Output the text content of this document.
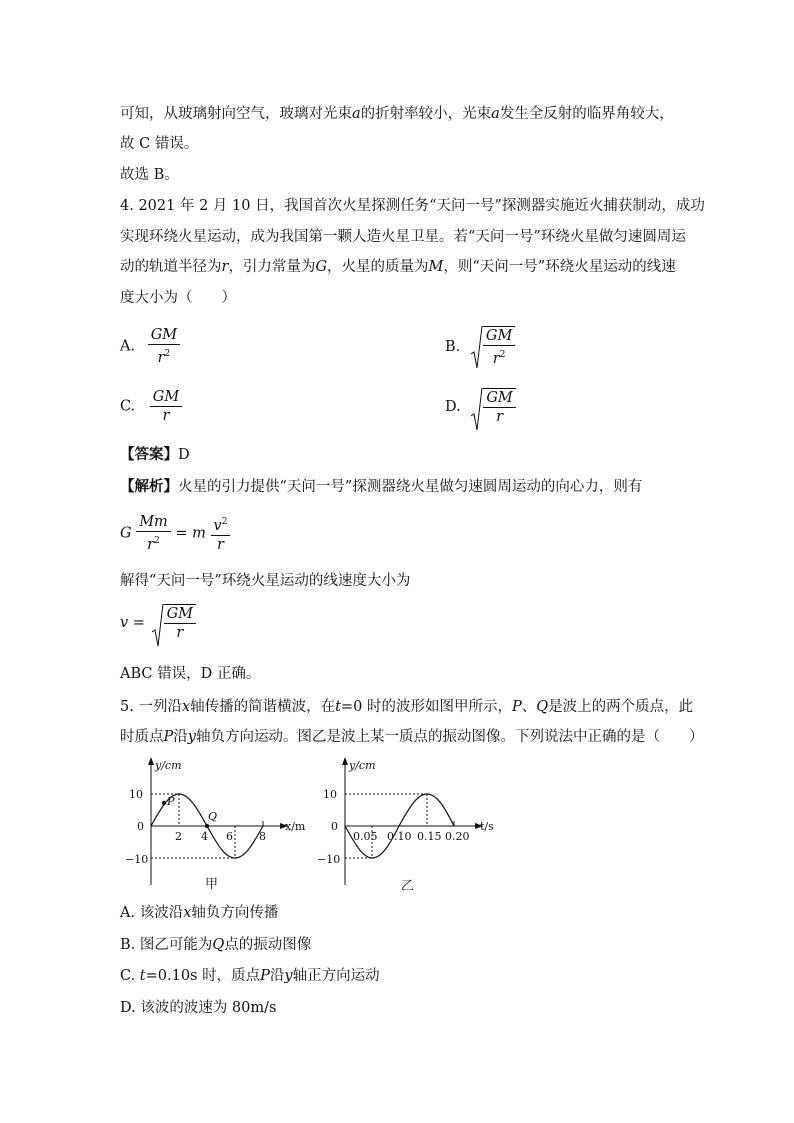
可知，从玻璃射向空气，玻璃对光束a的折射率较小，光束a发生全反射的临界角较大，
故 C 错误。
故选 B。
4. 2021 年 2 月 10 日，我国首次火星探测任务“天问一号”探测器实施近火捕获制动，成功
实现环绕火星运动，成为我国第一颗人造火星卫星。若“天问一号”环绕火星做匀速圆周运
动的轨道半径为r，引力常量为G，火星的质量为M，则“天问一号”环绕火星运动的线速
度大小为（　　）
A. $\frac{GM}{r^2}$	B. $\frac{GM}{r^2}$
C. $\frac{GM}{r}$	D. $\frac{GM}{r}$
【答案】D
【解析】火星的引力提供“天问一号”探测器绕火星做匀速圆周运动的向心力，则有
G $\frac{Mm}{r^2} = m \frac{v^2}{r}$
解得“天问一号”环绕火星运动的线速度大小为
$v = \frac{GM}{r}$
ABC 错误，D 正确。
5. 一列沿x轴传播的简谐横波，在t=0 时的波形如图甲所示，P、Q是波上的两个质点，此
时质点P沿y轴负方向运动。图乙是波上某一质点的振动图像。下列说法中正确的是（　　）
y/cm
x/m
10
0
−10
P
Q
2 4 6 8
甲
y/cm
t/s
10
0
−10
0.05 0.10 0.15 0.20
乙
A. 该波沿x轴负方向传播
B. 图乙可能为Q点的振动图像
C. t=0.10s 时，质点P沿y轴正方向运动
D. 该波的波速为 80m/s
